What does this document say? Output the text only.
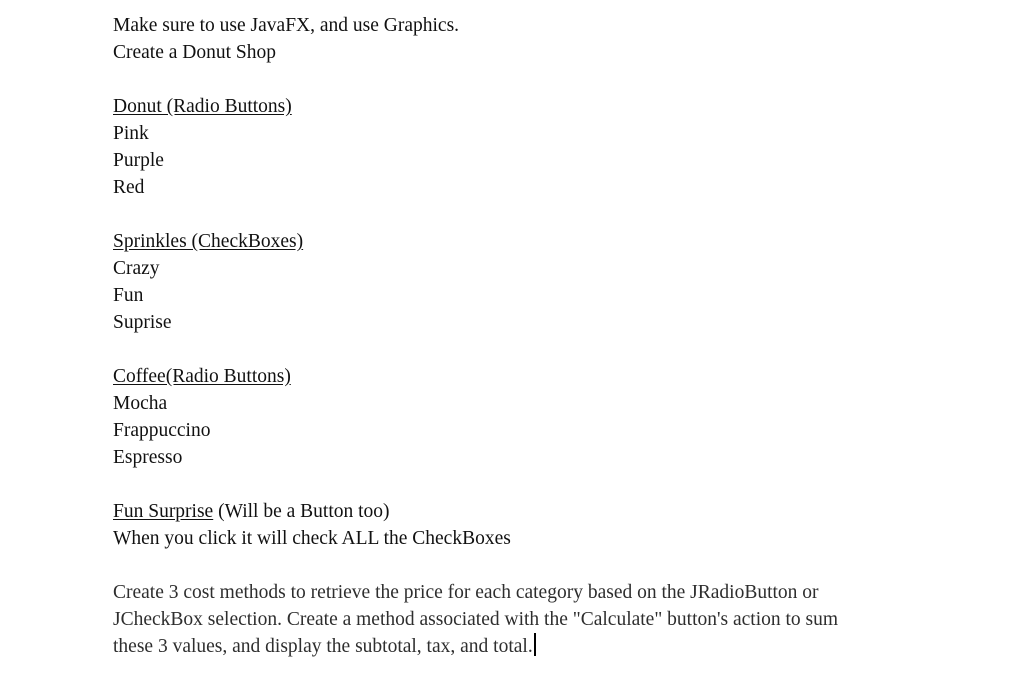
Make sure to use JavaFX, and use Graphics.
Create a Donut Shop
Donut (Radio Buttons)
Pink
Purple
Red
Sprinkles (CheckBoxes)
Crazy
Fun
Suprise
Coffee(Radio Buttons)
Mocha
Frappuccino
Espresso
Fun Surprise (Will be a Button too)
When you click it will check ALL the CheckBoxes
Create 3 cost methods to retrieve the price for each category based on the JRadioButton or
JCheckBox selection. Create a method associated with the "Calculate" button's action to sum
these 3 values, and display the subtotal, tax, and total.
